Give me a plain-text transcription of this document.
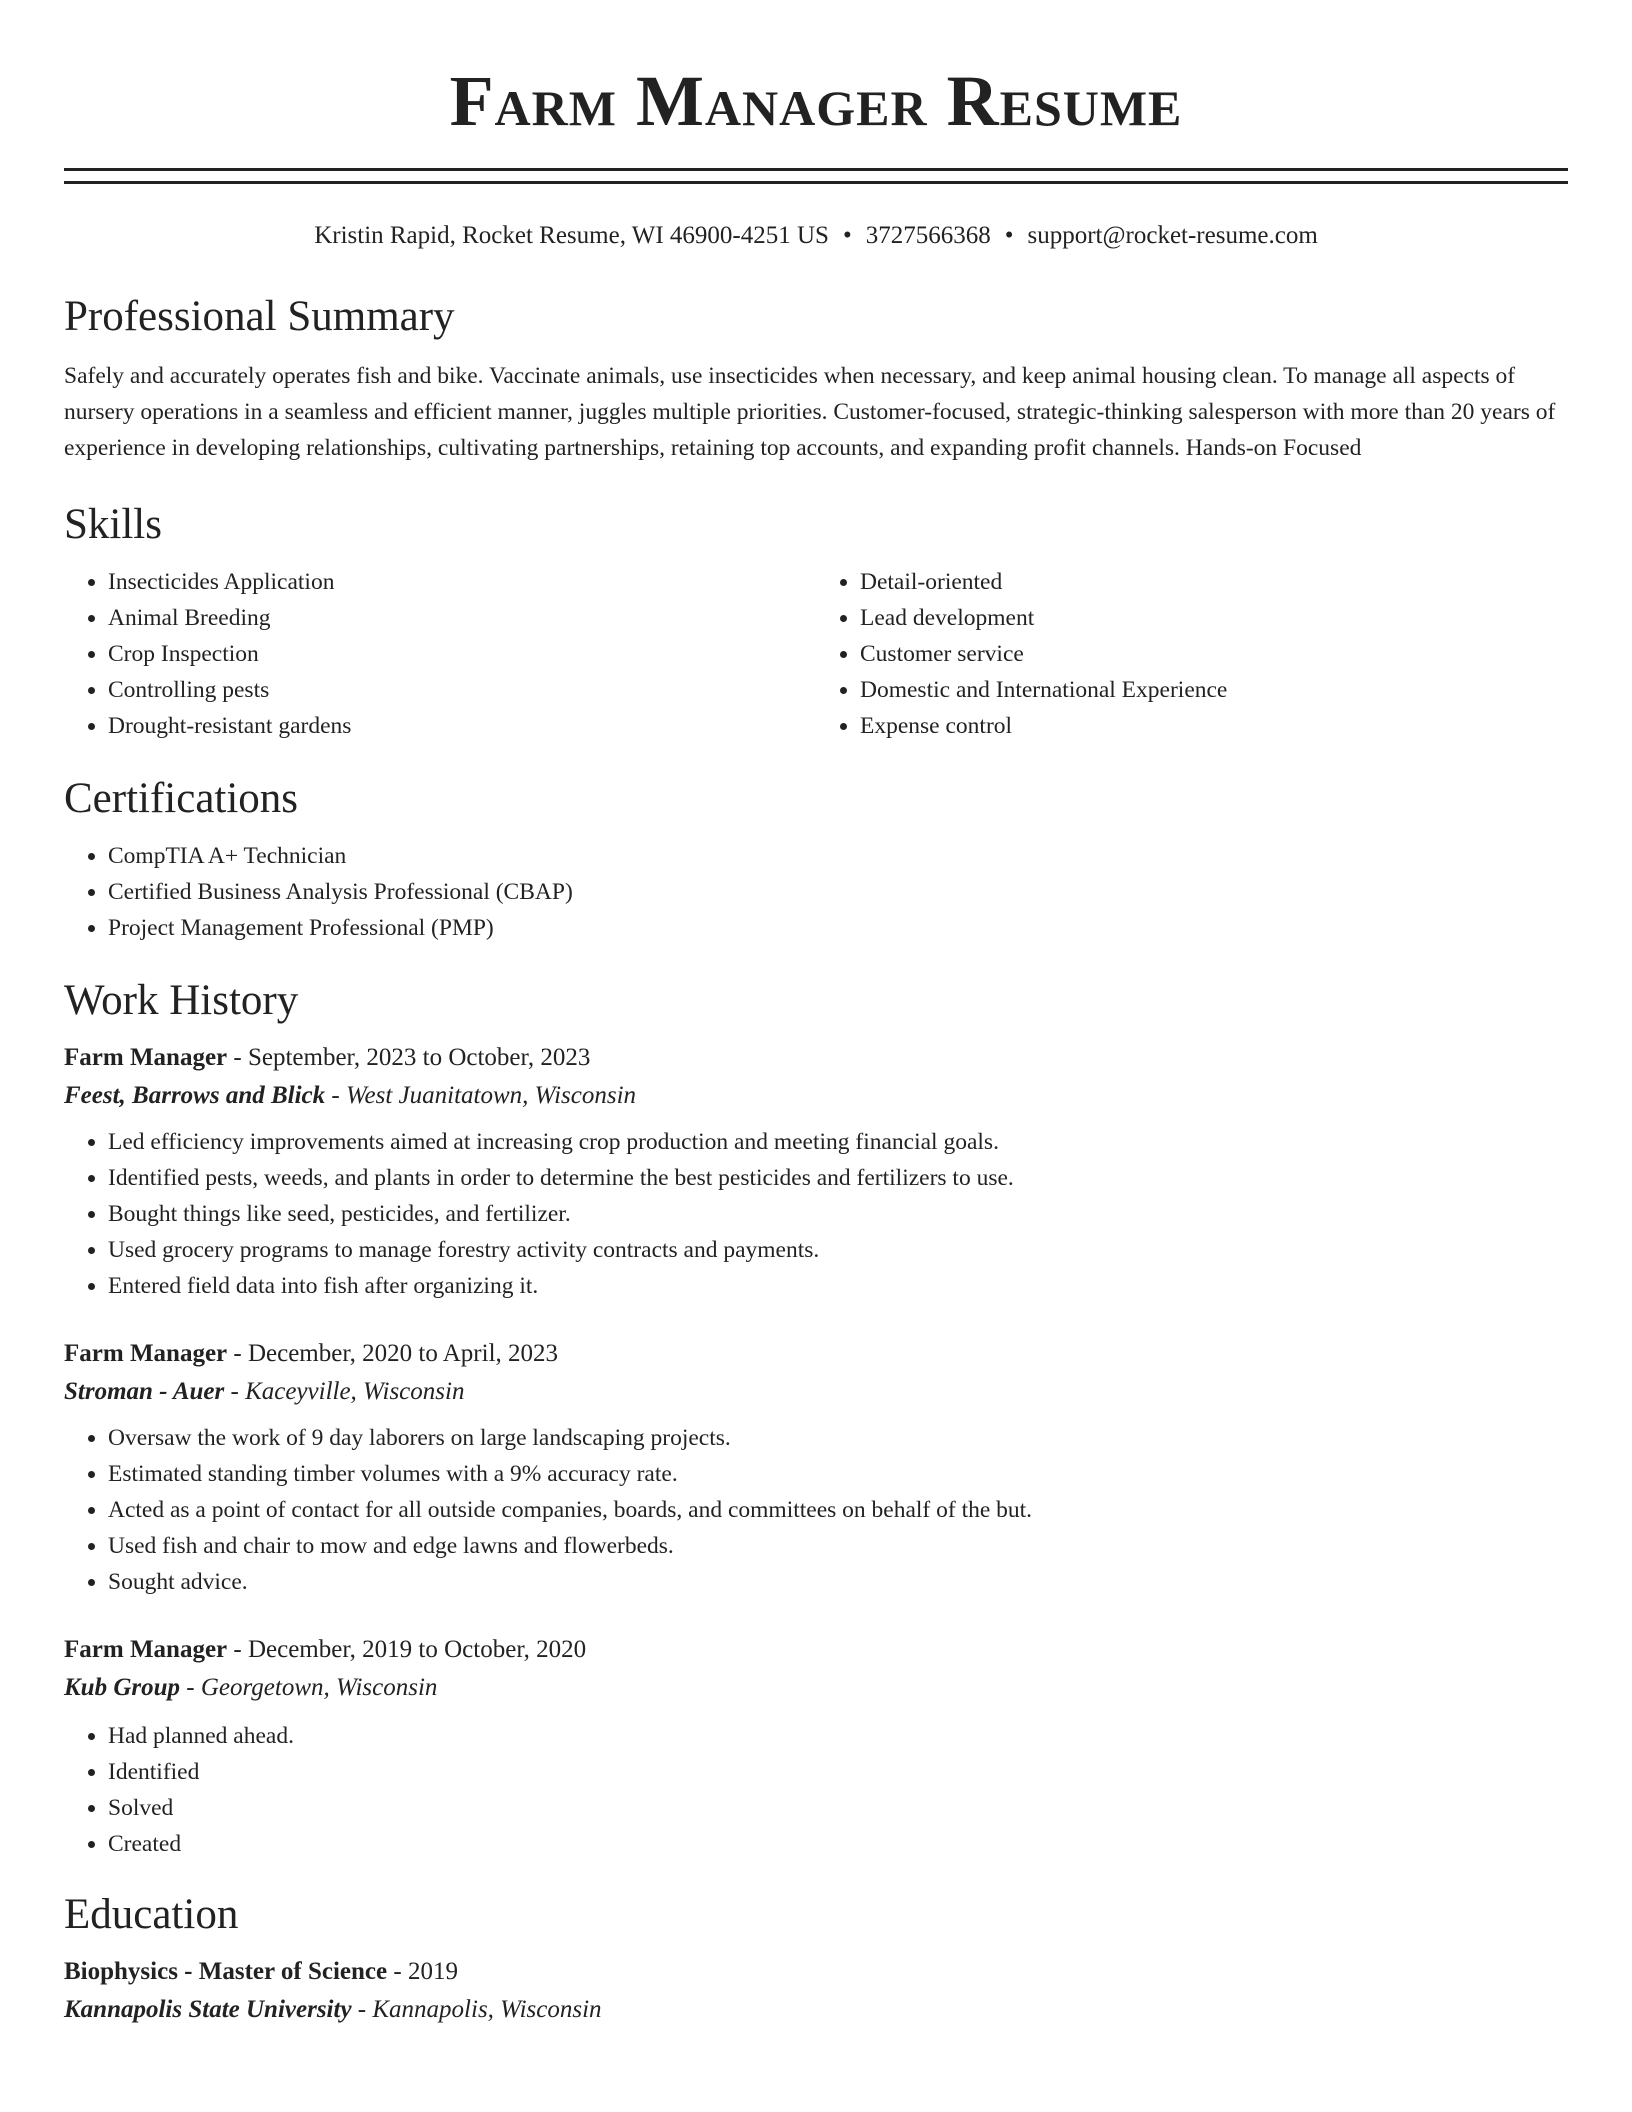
Farm Manager Resume
Kristin Rapid, Rocket Resume, WI 46900-4251 US • 3727566368 • support@rocket-resume.com
Professional Summary

Safely and accurately operates fish and bike. Vaccinate animals, use insecticides when necessary, and keep animal housing clean. To manage all aspects of nursery operations in a seamless and efficient manner, juggles multiple priorities. Customer-focused, strategic-thinking salesperson with more than 20 years of experience in developing relationships, cultivating partnerships, retaining top accounts, and expanding profit channels. Hands-on Focused

Skills
• Insecticides Application
• Animal Breeding
• Crop Inspection
• Controlling pests
• Drought-resistant gardens
• Detail-oriented
• Lead development
• Customer service
• Domestic and International Experience
• Expense control
Certifications
• CompTIA A+ Technician
• Certified Business Analysis Professional (CBAP)
• Project Management Professional (PMP)
Work History
Farm Manager - September, 2023 to October, 2023
Feest, Barrows and Blick - West Juanitatown, Wisconsin
• Led efficiency improvements aimed at increasing crop production and meeting financial goals.
• Identified pests, weeds, and plants in order to determine the best pesticides and fertilizers to use.
• Bought things like seed, pesticides, and fertilizer.
• Used grocery programs to manage forestry activity contracts and payments.
• Entered field data into fish after organizing it.
Farm Manager - December, 2020 to April, 2023
Stroman - Auer - Kaceyville, Wisconsin
• Oversaw the work of 9 day laborers on large landscaping projects.
• Estimated standing timber volumes with a 9% accuracy rate.
• Acted as a point of contact for all outside companies, boards, and committees on behalf of the but.
• Used fish and chair to mow and edge lawns and flowerbeds.
• Sought advice.
Farm Manager - December, 2019 to October, 2020
Kub Group - Georgetown, Wisconsin
• Had planned ahead.
• Identified
• Solved
• Created
Education
Biophysics - Master of Science - 2019
Kannapolis State University - Kannapolis, Wisconsin
